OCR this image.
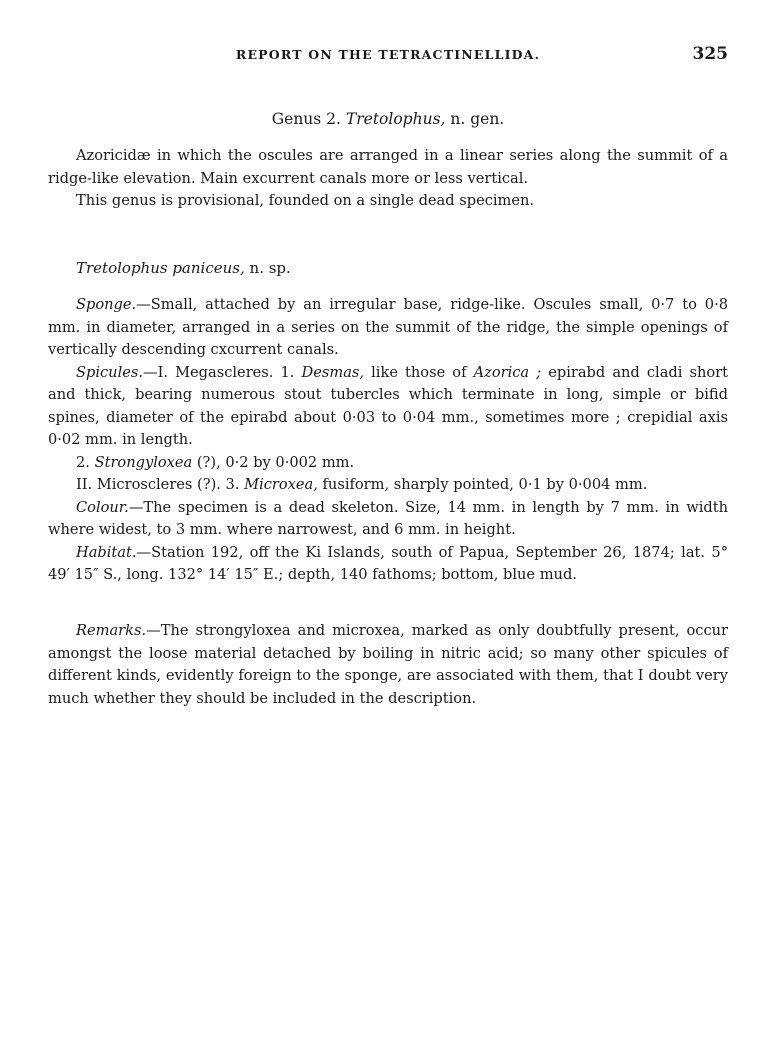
REPORT ON THE TETRACTINELLIDA.	325
Genus 2. Tretolophus, n. gen.

Azoricidæ in which the oscules are arranged in a linear series along the summit of a ridge-like elevation. Main excurrent canals more or less vertical.

This genus is provisional, founded on a single dead specimen.

Tretolophus paniceus, n. sp.

Sponge.—Small, attached by an irregular base, ridge-like. Oscules small, 0·7 to 0·8 mm. in diameter, arranged in a series on the summit of the ridge, the simple openings of vertically descending cxcurrent canals.

Spicules.—I. Megascleres. 1. Desmas, like those of Azorica ; epirabd and cladi short and thick, bearing numerous stout tubercles which terminate in long, simple or bifid spines, diameter of the epirabd about 0·03 to 0·04 mm., sometimes more ; crepidial axis 0·02 mm. in length.

2. Strongyloxea (?), 0·2 by 0·002 mm.

II. Microscleres (?). 3. Microxea, fusiform, sharply pointed, 0·1 by 0·004 mm.

Colour.—The specimen is a dead skeleton. Size, 14 mm. in length by 7 mm. in width where widest, to 3 mm. where narrowest, and 6 mm. in height.

Habitat.—Station 192, off the Ki Islands, south of Papua, September 26, 1874; lat. 5° 49′ 15″ S., long. 132° 14′ 15″ E.; depth, 140 fathoms; bottom, blue mud.

Remarks.—The strongyloxea and microxea, marked as only doubtfully present, occur amongst the loose material detached by boiling in nitric acid; so many other spicules of different kinds, evidently foreign to the sponge, are associated with them, that I doubt very much whether they should be included in the description.
